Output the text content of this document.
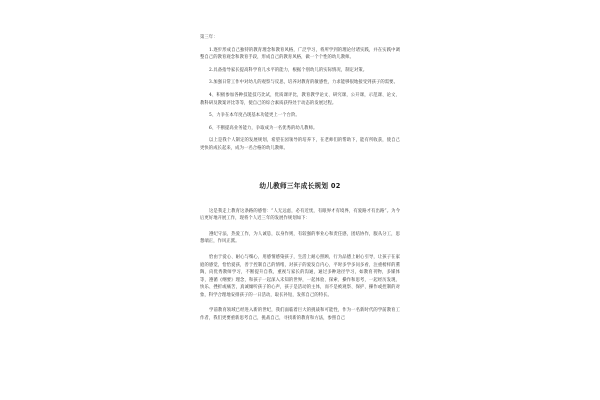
第三年：

1.逐步形成自己独特的教育理念和教育风格，广泛学习，将所学到的理论付诸实践，并在实践中调整自己的教育观念和教育手段，形成自己的教育风格，做一个个性的幼儿教师。

2.具备指导家长提高科学育儿水平的能力，根据个别幼儿的实际情况，制定对策。

3.加强日常工作中对幼儿的观察与反思，培养对教育的敏感性，力求能够很地接受到孩子的需要。

4、积极参加各种技能技巧比试，优质课评比，教育教学论文、研究课，公开课，示范课、论文、教科研及教案评比等等，使自己的综合素质获得处于动态的发展过程。

5、力争在本年度凸现基本功能更上一个台阶。

6、不断提高业务能力，争取成为一名优秀的幼儿教师。

以上是我个人制定的发展规划，希望在园领导的培养下，在老师们的帮助下，能有所收获，使自己更快的成长起来，成为一名合格的幼儿教师。

幼儿教师三年成长规划 02

这是我走上教育这条路的感悟：“人无远虑，必有近忧，有眼界才有境界，有爱路才有出路”。为今后更好地开展工作，现将个人近三年的发展作规划如下：

遵纪守法，热爱工作，为人诚恳，以身作则，有较强的事业心和责任感，团结协作，服从分工，思想端正，作风正派。

恰由于爱心、耐心与细心，用感情感染孩子，生活上耐心照顾，行为品德上耐心引导，让孩子在家庭的感觉，恰恰爱孩，善于控制自己的情绪，对孩子的爱发自内心，平时多学多问多看，注重榜样的熏陶，向优秀教师学习，不断提升自我，重视与家长的沟通，通过多种途径学习，如教育刊物，多媒体等，遵循《纲要》理念，和孩子一起深入未知的世界，一起体验、探索、操作和思考，一起经历发现、快乐、挫折或痛苦，真诚倾听孩子的心声，孩子是活动的主体，而不是被观察、保护、操作或控制的对象，科学合理地安排孩子的一日活动，取长补短，发挥自己的特长。

学前教育领域已经进入新的世纪，我们面临着巨大的挑战和可能性，作为一名新时代的学前教育工作者，我们更要重新思考自己，挑战自己，寻找新的教育和方法，参照自己
